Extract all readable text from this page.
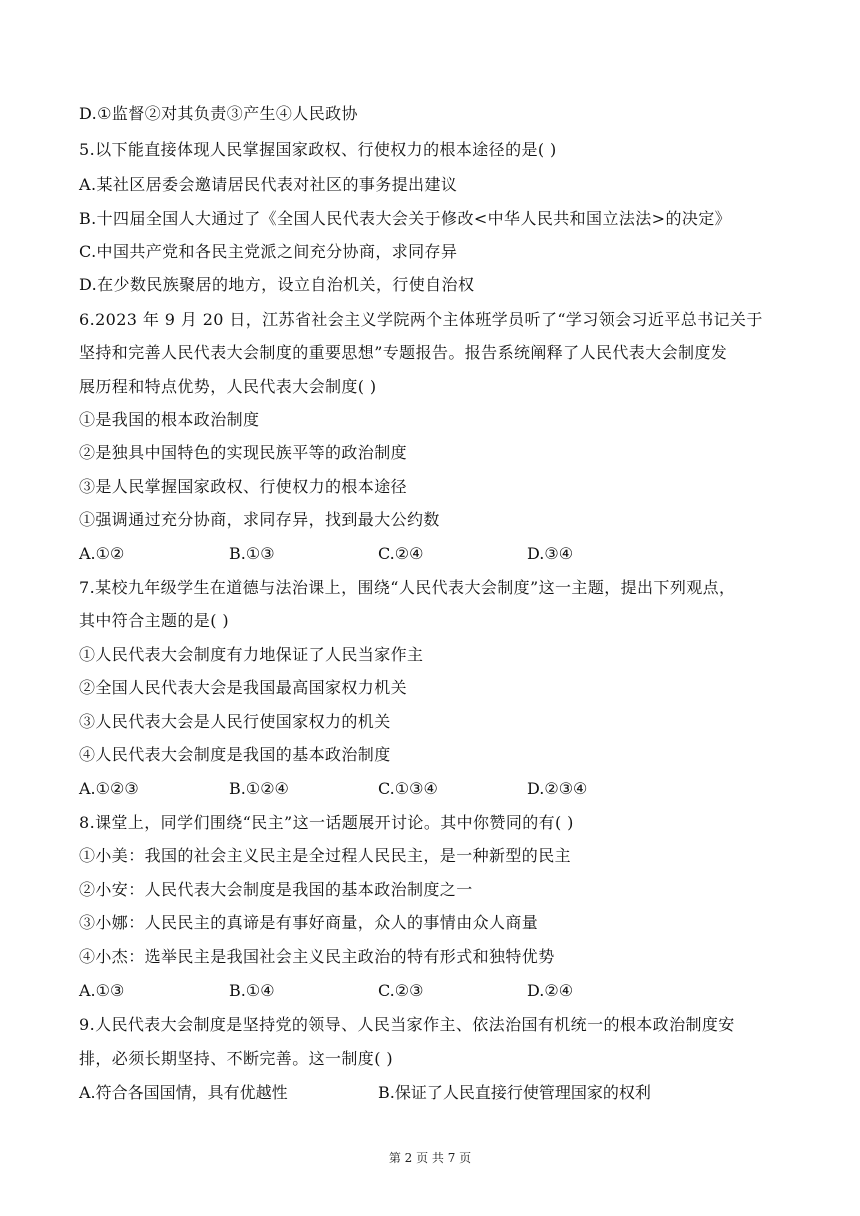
D.①监督②对其负责③产生④人民政协
5.以下能直接体现人民掌握国家政权、行使权力的根本途径的是( )
A.某社区居委会邀请居民代表对社区的事务提出建议
B.十四届全国人大通过了《全国人民代表大会关于修改<中华人民共和国立法法>的决定》
C.中国共产党和各民主党派之间充分协商，求同存异
D.在少数民族聚居的地方，设立自治机关，行使自治权
6.2023 年 9 月 20 日，江苏省社会主义学院两个主体班学员听了“学习领会习近平总书记关于
坚持和完善人民代表大会制度的重要思想”专题报告。报告系统阐释了人民代表大会制度发
展历程和特点优势，人民代表大会制度( )
①是我国的根本政治制度
②是独具中国特色的实现民族平等的政治制度
③是人民掌握国家政权、行使权力的根本途径
①强调通过充分协商，求同存异，找到最大公约数
A.①②	B.①③	C.②④	D.③④
7.某校九年级学生在道德与法治课上，围绕“人民代表大会制度”这一主题，提出下列观点，
其中符合主题的是( )
①人民代表大会制度有力地保证了人民当家作主
②全国人民代表大会是我国最高国家权力机关
③人民代表大会是人民行使国家权力的机关
④人民代表大会制度是我国的基本政治制度
A.①②③	B.①②④	C.①③④	D.②③④
8.课堂上，同学们围绕“民主”这一话题展开讨论。其中你赞同的有( )
①小美：我国的社会主义民主是全过程人民民主，是一种新型的民主
②小安：人民代表大会制度是我国的基本政治制度之一
③小娜：人民民主的真谛是有事好商量，众人的事情由众人商量
④小杰：选举民主是我国社会主义民主政治的特有形式和独特优势
A.①③	B.①④	C.②③	D.②④
9.人民代表大会制度是坚持党的领导、人民当家作主、依法治国有机统一的根本政治制度安
排，必须长期坚持、不断完善。这一制度( )
A.符合各国国情，具有优越性	B.保证了人民直接行使管理国家的权利
第 2 页 共 7 页
